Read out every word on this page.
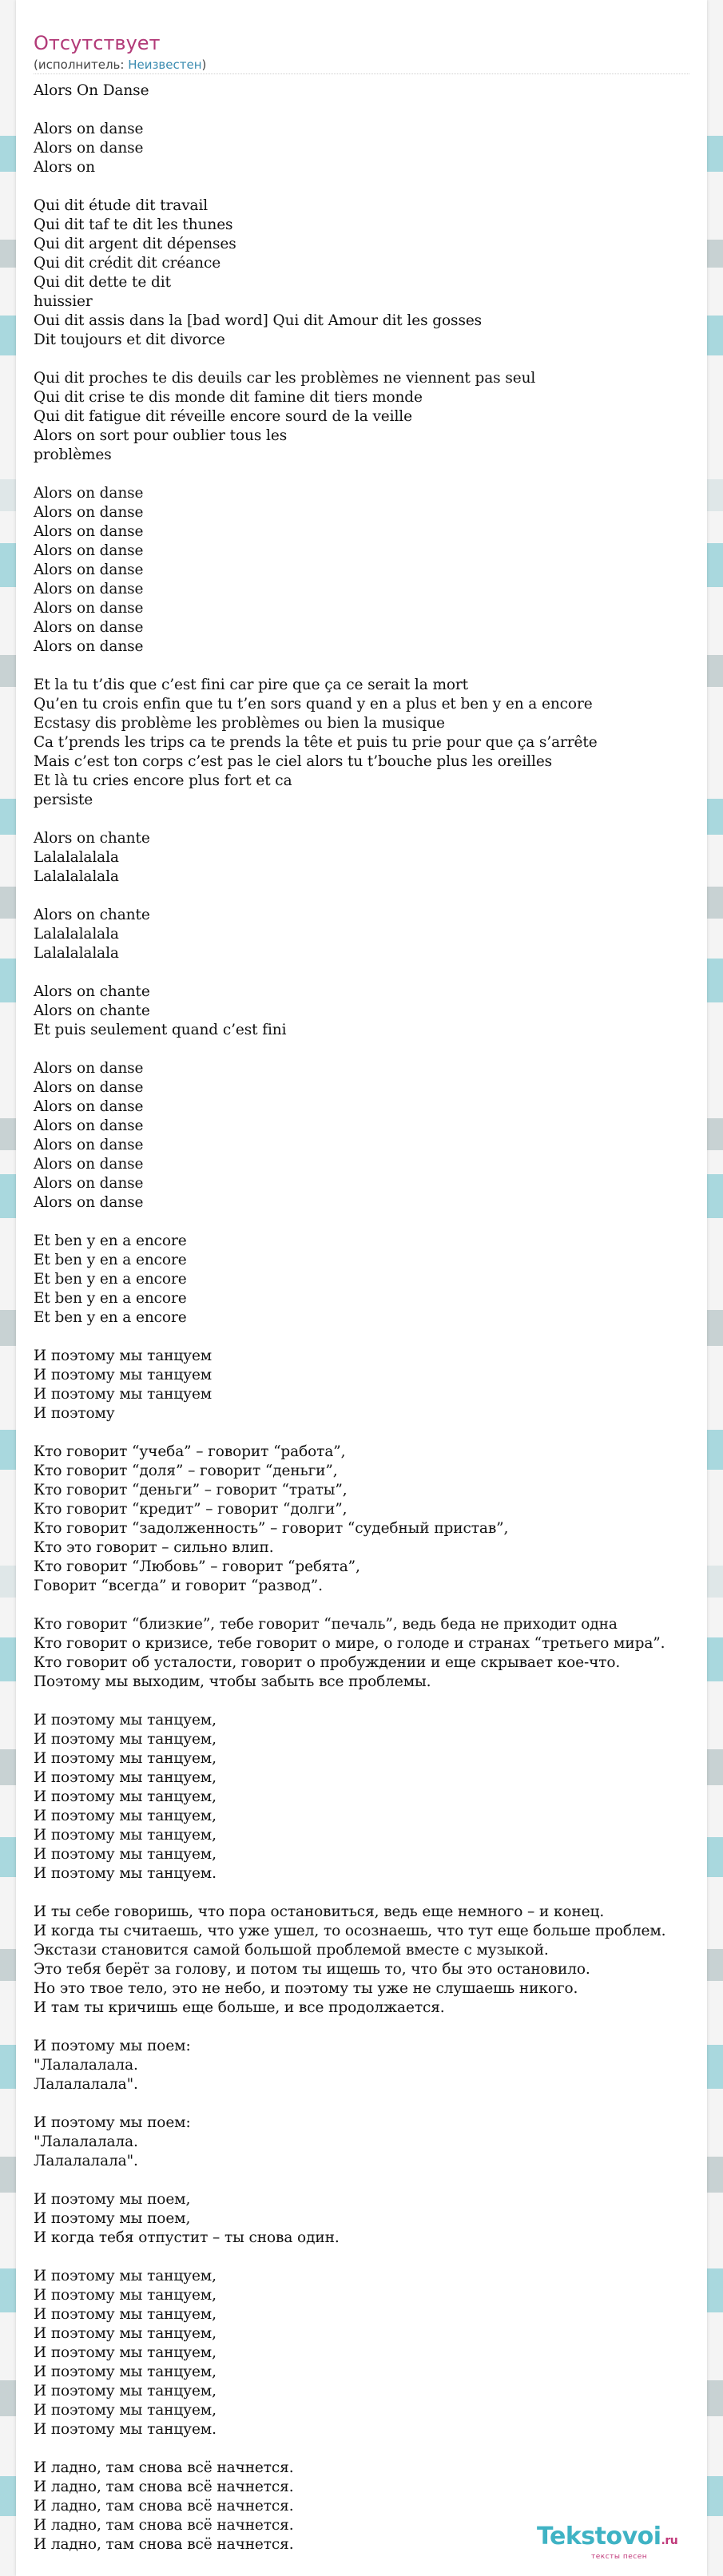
Отсутствует
(исполнитель: Неизвестен)
Alors On Danse
Alors on danse
Alors on danse
Alors on
Qui dit étude dit travail
Qui dit taf te dit les thunes
Qui dit argent dit dépenses
Qui dit crédit dit créance
Qui dit dette te dit
huissier
Oui dit assis dans la [bad word] Qui dit Amour dit les gosses
Dit toujours et dit divorce
Qui dit proches te dis deuils car les problèmes ne viennent pas seul
Qui dit crise te dis monde dit famine dit tiers monde
Qui dit fatigue dit réveille encore sourd de la veille
Alors on sort pour oublier tous les
problèmes
Alors on danse
Alors on danse
Alors on danse
Alors on danse
Alors on danse
Alors on danse
Alors on danse
Alors on danse
Alors on danse
Et la tu t’dis que c’est fini car pire que ça ce serait la mort
Qu’en tu crois enfin que tu t’en sors quand y en a plus et ben y en a encore
Ecstasy dis problème les problèmes ou bien la musique
Ca t’prends les trips ca te prends la tête et puis tu prie pour que ça s’arrête
Mais c’est ton corps c’est pas le ciel alors tu t’bouche plus les oreilles
Et là tu cries encore plus fort et ca
persiste
Alors on chante
Lalalalalala
Lalalalalala
Alors on chante
Lalalalalala
Lalalalalala
Alors on chante
Alors on chante
Et puis seulement quand c’est fini
Alors on danse
Alors on danse
Alors on danse
Alors on danse
Alors on danse
Alors on danse
Alors on danse
Alors on danse
Et ben y en a encore
Et ben y en a encore
Et ben y en a encore
Et ben y en a encore
Et ben y en a encore
И поэтому мы танцуем
И поэтому мы танцуем
И поэтому мы танцуем
И поэтому
Кто говорит “учеба” – говорит “работа”,
Кто говорит “доля” – говорит “деньги”,
Кто говорит “деньги” – говорит “траты”,
Кто говорит “кредит” – говорит “долги”,
Кто говорит “задолженность” – говорит “судебный пристав”,
Кто это говорит – сильно влип.
Кто говорит “Любовь” – говорит “ребята”,
Говорит “всегда” и говорит “развод”.
Кто говорит “близкие”, тебе говорит “печаль”, ведь беда не приходит одна
Кто говорит о кризисе, тебе говорит о мире, о голоде и странах “третьего мира”.
Кто говорит об усталости, говорит о пробуждении и еще скрывает кое-что.
Поэтому мы выходим, чтобы забыть все проблемы.
И поэтому мы танцуем,
И поэтому мы танцуем,
И поэтому мы танцуем,
И поэтому мы танцуем,
И поэтому мы танцуем,
И поэтому мы танцуем,
И поэтому мы танцуем,
И поэтому мы танцуем,
И поэтому мы танцуем.
И ты себе говоришь, что пора остановиться, ведь еще немного – и конец.
И когда ты считаешь, что уже ушел, то осознаешь, что тут еще больше проблем.
Экстази становится самой большой проблемой вместе с музыкой.
Это тебя берёт за голову, и потом ты ищешь то, что бы это остановило.
Но это твое тело, это не небо, и поэтому ты уже не слушаешь никого.
И там ты кричишь еще больше, и все продолжается.
И поэтому мы поем:
"Лалалалала.
Лалалалала".
И поэтому мы поем:
"Лалалалала.
Лалалалала".
И поэтому мы поем,
И поэтому мы поем,
И когда тебя отпустит – ты снова один.
И поэтому мы танцуем,
И поэтому мы танцуем,
И поэтому мы танцуем,
И поэтому мы танцуем,
И поэтому мы танцуем,
И поэтому мы танцуем,
И поэтому мы танцуем,
И поэтому мы танцуем,
И поэтому мы танцуем.
И ладно, там снова всё начнется.
И ладно, там снова всё начнется.
И ладно, там снова всё начнется.
И ладно, там снова всё начнется.
И ладно, там снова всё начнется.	Tekstovoi.ru
тексты песен
